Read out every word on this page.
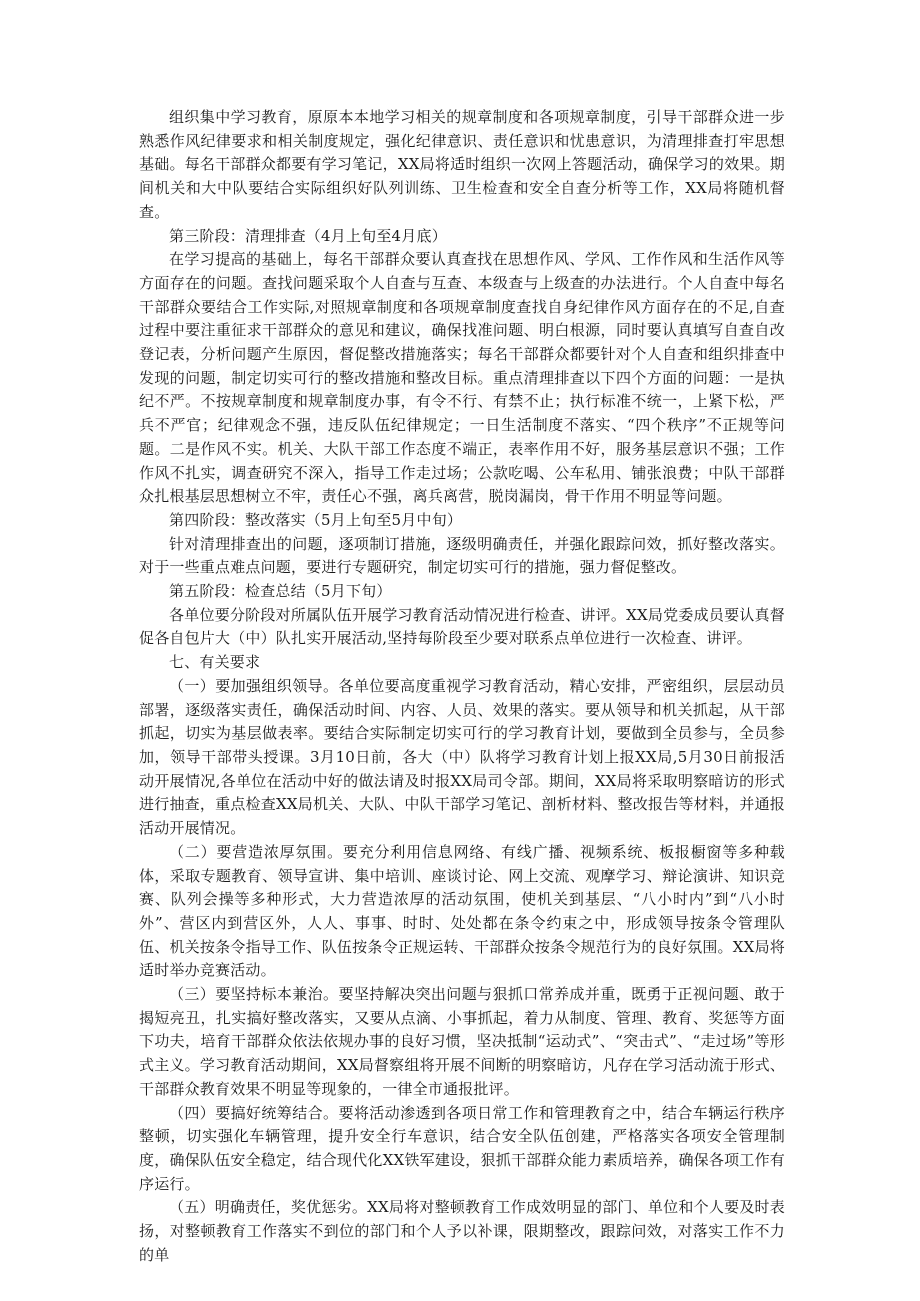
组织集中学习教育，原原本本地学习相关的规章制度和各项规章制度，引导干部群众进一步熟悉作风纪律要求和相关制度规定，强化纪律意识、责任意识和忧患意识，为清理排查打牢思想基础。每名干部群众都要有学习笔记，XX局将适时组织一次网上答题活动，确保学习的效果。期间机关和大中队要结合实际组织好队列训练、卫生检查和安全自查分析等工作，XX局将随机督查。

第三阶段：清理排查（4月上旬至4月底）

在学习提高的基础上，每名干部群众要认真查找在思想作风、学风、工作作风和生活作风等方面存在的问题。查找问题采取个人自查与互查、本级查与上级查的办法进行。个人自查中每名干部群众要结合工作实际,对照规章制度和各项规章制度查找自身纪律作风方面存在的不足,自查过程中要注重征求干部群众的意见和建议，确保找准问题、明白根源，同时要认真填写自查自改登记表，分析问题产生原因，督促整改措施落实；每名干部群众都要针对个人自查和组织排查中发现的问题，制定切实可行的整改措施和整改目标。重点清理排查以下四个方面的问题：一是执纪不严。不按规章制度和规章制度办事，有令不行、有禁不止；执行标准不统一，上紧下松，严兵不严官；纪律观念不强，违反队伍纪律规定；一日生活制度不落实、“四个秩序”不正规等问题。二是作风不实。机关、大队干部工作态度不端正，表率作用不好，服务基层意识不强；工作作风不扎实，调查研究不深入，指导工作走过场；公款吃喝、公车私用、铺张浪费；中队干部群众扎根基层思想树立不牢，责任心不强，离兵离营，脱岗漏岗，骨干作用不明显等问题。

第四阶段：整改落实（5月上旬至5月中旬）

针对清理排查出的问题，逐项制订措施，逐级明确责任，并强化跟踪问效，抓好整改落实。对于一些重点难点问题，要进行专题研究，制定切实可行的措施，强力督促整改。

第五阶段：检查总结（5月下旬）

各单位要分阶段对所属队伍开展学习教育活动情况进行检查、讲评。XX局党委成员要认真督促各自包片大（中）队扎实开展活动,坚持每阶段至少要对联系点单位进行一次检查、讲评。

七、有关要求

（一）要加强组织领导。各单位要高度重视学习教育活动，精心安排，严密组织，层层动员部署，逐级落实责任，确保活动时间、内容、人员、效果的落实。要从领导和机关抓起，从干部抓起，切实为基层做表率。要结合实际制定切实可行的学习教育计划，要做到全员参与，全员参加，领导干部带头授课。3月10日前，各大（中）队将学习教育计划上报XX局,5月30日前报活动开展情况,各单位在活动中好的做法请及时报XX局司令部。期间，XX局将采取明察暗访的形式进行抽查，重点检查XX局机关、大队、中队干部学习笔记、剖析材料、整改报告等材料，并通报活动开展情况。

（二）要营造浓厚氛围。要充分利用信息网络、有线广播、视频系统、板报橱窗等多种载体，采取专题教育、领导宣讲、集中培训、座谈讨论、网上交流、观摩学习、辩论演讲、知识竞赛、队列会操等多种形式，大力营造浓厚的活动氛围，使机关到基层、“八小时内”到“八小时外”、营区内到营区外，人人、事事、时时、处处都在条令约束之中，形成领导按条令管理队伍、机关按条令指导工作、队伍按条令正规运转、干部群众按条令规范行为的良好氛围。XX局将适时举办竞赛活动。

（三）要坚持标本兼治。要坚持解决突出问题与狠抓口常养成并重，既勇于正视问题、敢于揭短亮丑，扎实搞好整改落实，又要从点滴、小事抓起，着力从制度、管理、教育、奖惩等方面下功夫，培育干部群众依法依规办事的良好习惯，坚决抵制“运动式”、“突击式”、“走过场”等形式主义。学习教育活动期间，XX局督察组将开展不间断的明察暗访，凡存在学习活动流于形式、干部群众教育效果不明显等现象的，一律全市通报批评。

（四）要搞好统筹结合。要将活动渗透到各项日常工作和管理教育之中，结合车辆运行秩序整顿，切实强化车辆管理，提升安全行车意识，结合安全队伍创建，严格落实各项安全管理制度，确保队伍安全稳定，结合现代化XX铁军建设，狠抓干部群众能力素质培养，确保各项工作有序运行。

（五）明确责任，奖优惩劣。XX局将对整顿教育工作成效明显的部门、单位和个人要及时表扬，对整顿教育工作落实不到位的部门和个人予以补课，限期整改，跟踪问效，对落实工作不力的单
